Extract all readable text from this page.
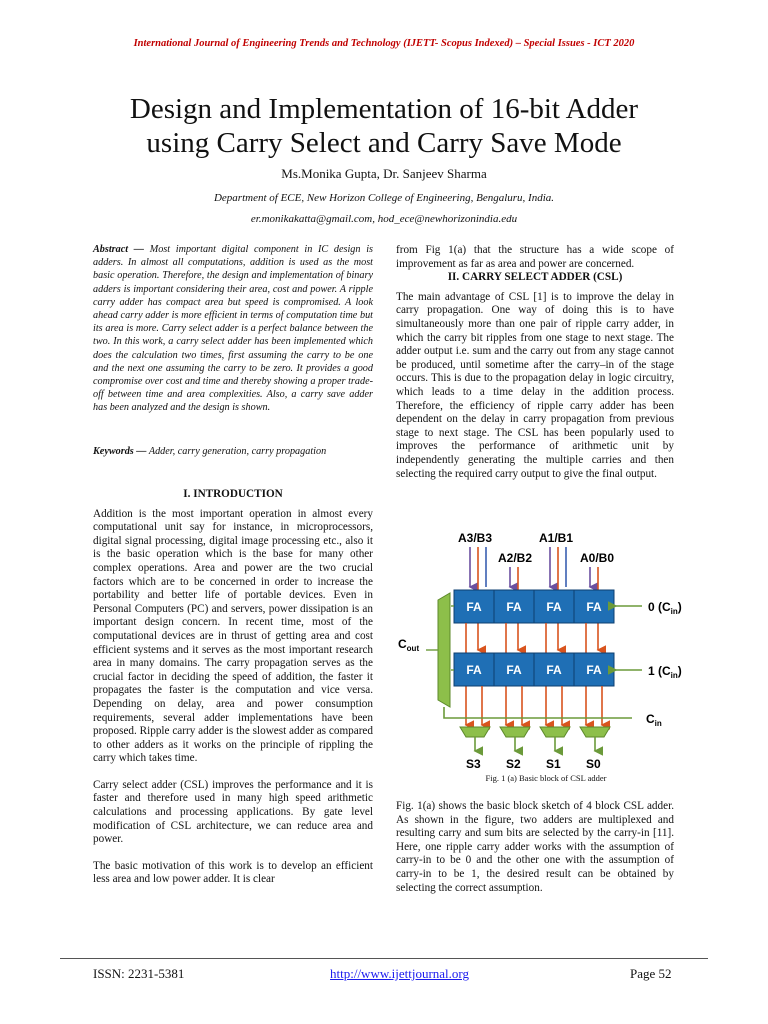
International Journal of Engineering Trends and Technology (IJETT- Scopus Indexed) – Special Issues - ICT 2020
Design and Implementation of 16-bit Adder
using Carry Select and Carry Save Mode
Ms.Monika Gupta, Dr. Sanjeev Sharma
Department of ECE, New Horizon College of Engineering, Bengaluru, India.
er.monikakatta@gmail.com, hod_ece@newhorizonindia.edu
Abstract — Most important digital component in IC design is adders. In almost all computations, addition is used as the most basic operation. Therefore, the design and implementation of binary adders is important considering their area, cost and power. A ripple carry adder has compact area but speed is compromised. A look ahead carry adder is more efficient in terms of computation time but its area is more. Carry select adder is a perfect balance between the two. In this work, a carry select adder has been implemented which does the calculation two times, first assuming the carry to be one and the next one assuming the carry to be zero. It provides a good compromise over cost and time and thereby showing a proper trade-off between time and area complexities. Also, a carry save adder has been analyzed and the design is shown.
Keywords — Adder, carry generation, carry propagation
I. INTRODUCTION

Addition is the most important operation in almost every computational unit say for instance, in microprocessors, digital signal processing, digital image processing etc., also it is the basic operation which is the base for many other complex operations. Area and power are the two crucial factors which are to be concerned in order to increase the portability and better life of portable devices. Even in Personal Computers (PC) and servers, power dissipation is an important design concern. In recent time, most of the computational devices are in thrust of getting area and cost efficient systems and it serves as the most important research area in many domains. The carry propagation serves as the crucial factor in deciding the speed of addition, the faster it propagates the faster is the computation and vice versa. Depending on delay, area and power consumption requirements, several adder implementations have been proposed. Ripple carry adder is the slowest adder as compared to other adders as it works on the principle of rippling the carry which takes time.

Carry select adder (CSL) improves the performance and it is faster and therefore used in many high speed arithmetic calculations and processing applications. By gate level modification of CSL architecture, we can reduce area and power.

The basic motivation of this work is to develop an efficient less area and low power adder. It is clear

from Fig 1(a) that the structure has a wide scope of improvement as far as area and power are concerned.

II. CARRY SELECT ADDER (CSL)

The main advantage of CSL [1] is to improve the delay in carry propagation. One way of doing this is to have simultaneously more than one pair of ripple carry adder, in which the carry bit ripples from one stage to next stage. The adder output i.e. sum and the carry out from any stage cannot be produced, until sometime after the carry–in of the stage occurs. This is due to the propagation delay in logic circuitry, which leads to a time delay in the addition process. Therefore, the efficiency of ripple carry adder has been dependent on the delay in carry propagation from previous stage to next stage. The CSL has been popularly used to improves the performance of arithmetic unit by independently generating the multiple carries and then selecting the required carry output to give the final output.

A3/B3	A1/B1
A2/B2	A0/B0
FA FA FA FA	0 $(C_{in})$
FA FA FA FA	1 $(C_{in})$
$C_{out}$
$C_{in}$
S3 S2 S1 S0
Fig. 1 (a) Basic block of CSL adder

Fig. 1(a) shows the basic block sketch of 4 block CSL adder. As shown in the figure, two adders are multiplexed and resulting carry and sum bits are selected by the carry-in [11]. Here, one ripple carry adder works with the assumption of carry-in to be 0 and the other one with the assumption of carry-in to be 1, the desired result can be obtained by selecting the correct assumption.

ISSN: 2231-5381	http://www.ijettjournal.org	Page 52
